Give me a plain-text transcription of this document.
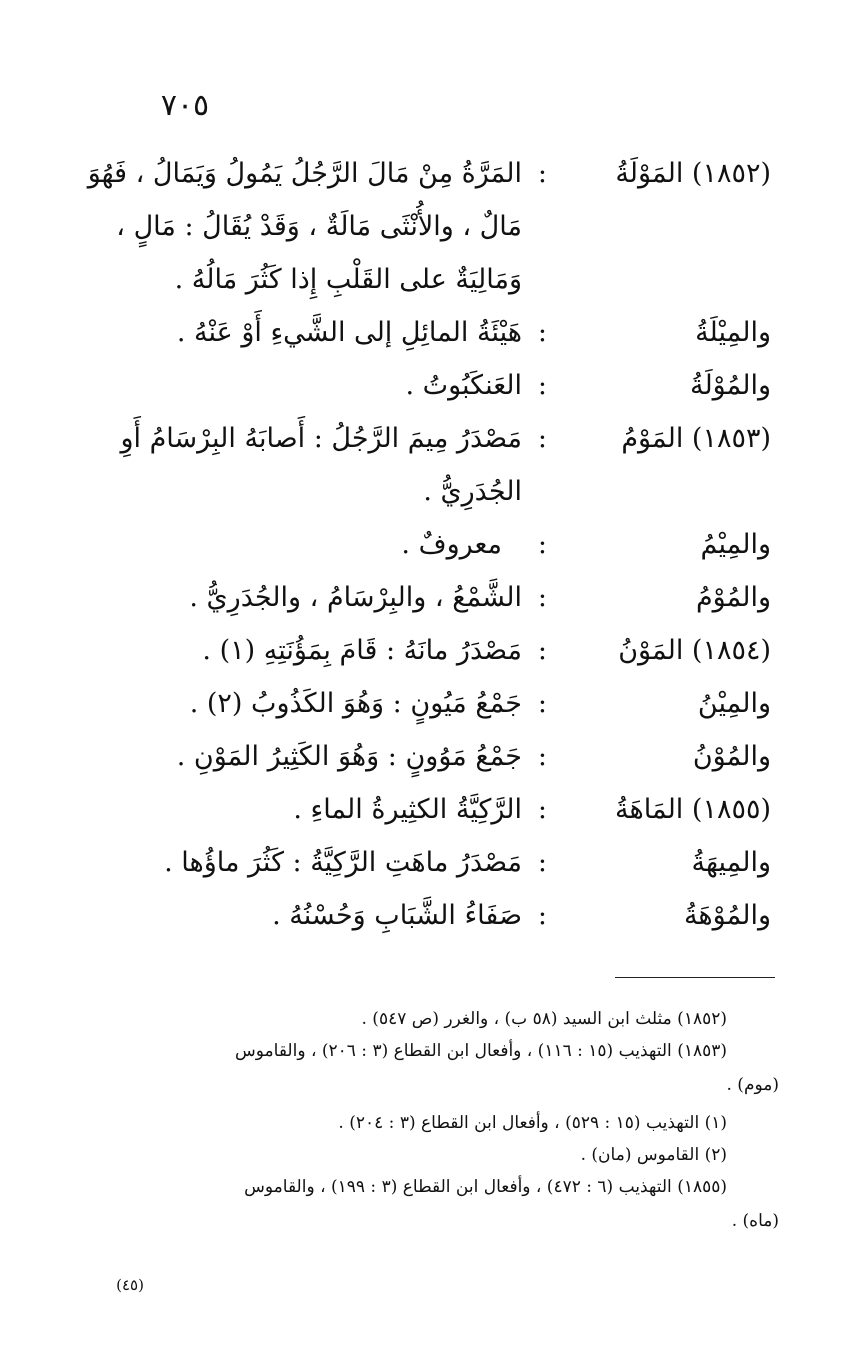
٧٠٥
(١٨٥٢) المَوْلَةُ
:
المَرَّةُ مِنْ مَالَ الرَّجُلُ يَمُولُ وَيَمَالُ ، فَهُوَ
مَالٌ ، والأُنْثَى مَالَةٌ ، وَقَدْ يُقَالُ : مَالٍ ،
وَمَالِيَةٌ على القَلْبِ إِذا كَثُرَ مَالُهُ .
والمِيْلَةُ
:
هَيْئَةُ المائِلِ إلى الشَّيءِ أَوْ عَنْهُ .
والمُوْلَةُ
:
العَنكَبُوتُ .
(١٨٥٣) المَوْمُ
:
مَصْدَرُ مِيمَ الرَّجُلُ : أَصابَهُ البِرْسَامُ أَوِ
الجُدَرِيُّ .
والمِيْمُ
:
معروفٌ .
والمُوْمُ
:
الشَّمْعُ ، والبِرْسَامُ ، والجُدَرِيُّ .
(١٨٥٤) المَوْنُ
:
مَصْدَرُ مانَهُ : قَامَ بِمَؤُنَتِهِ (١) .
والمِيْنُ
:
جَمْعُ مَيُونٍ : وَهُوَ الكَذُوبُ (٢) .
والمُوْنُ
:
جَمْعُ مَوُونٍ : وَهُوَ الكَثِيرُ المَوْنِ .
(١٨٥٥) المَاهَةُ
:
الرَّكِيَّةُ الكثِيرةُ الماءِ .
والمِيهَةُ
:
مَصْدَرُ ماهَتِ الرَّكِيَّةُ : كَثُرَ ماؤُها .
والمُوْهَةُ
:
صَفَاءُ الشَّبَابِ وَحُسْنُهُ .
(١٨٥٢) مثلث ابن السيد (٥٨ ب) ، والغرر (ص ٥٤٧) .
(١٨٥٣) التهذيب (١٥ : ١١٦) ، وأفعال ابن القطاع (٣ : ٢٠٦) ، والقاموس
(موم) .
(١) التهذيب (١٥ : ٥٢٩) ، وأفعال ابن القطاع (٣ : ٢٠٤) .
(٢) القاموس (مان) .
(١٨٥٥) التهذيب (٦ : ٤٧٢) ، وأفعال ابن القطاع (٣ : ١٩٩) ، والقاموس
(ماه) .
(٤٥)
